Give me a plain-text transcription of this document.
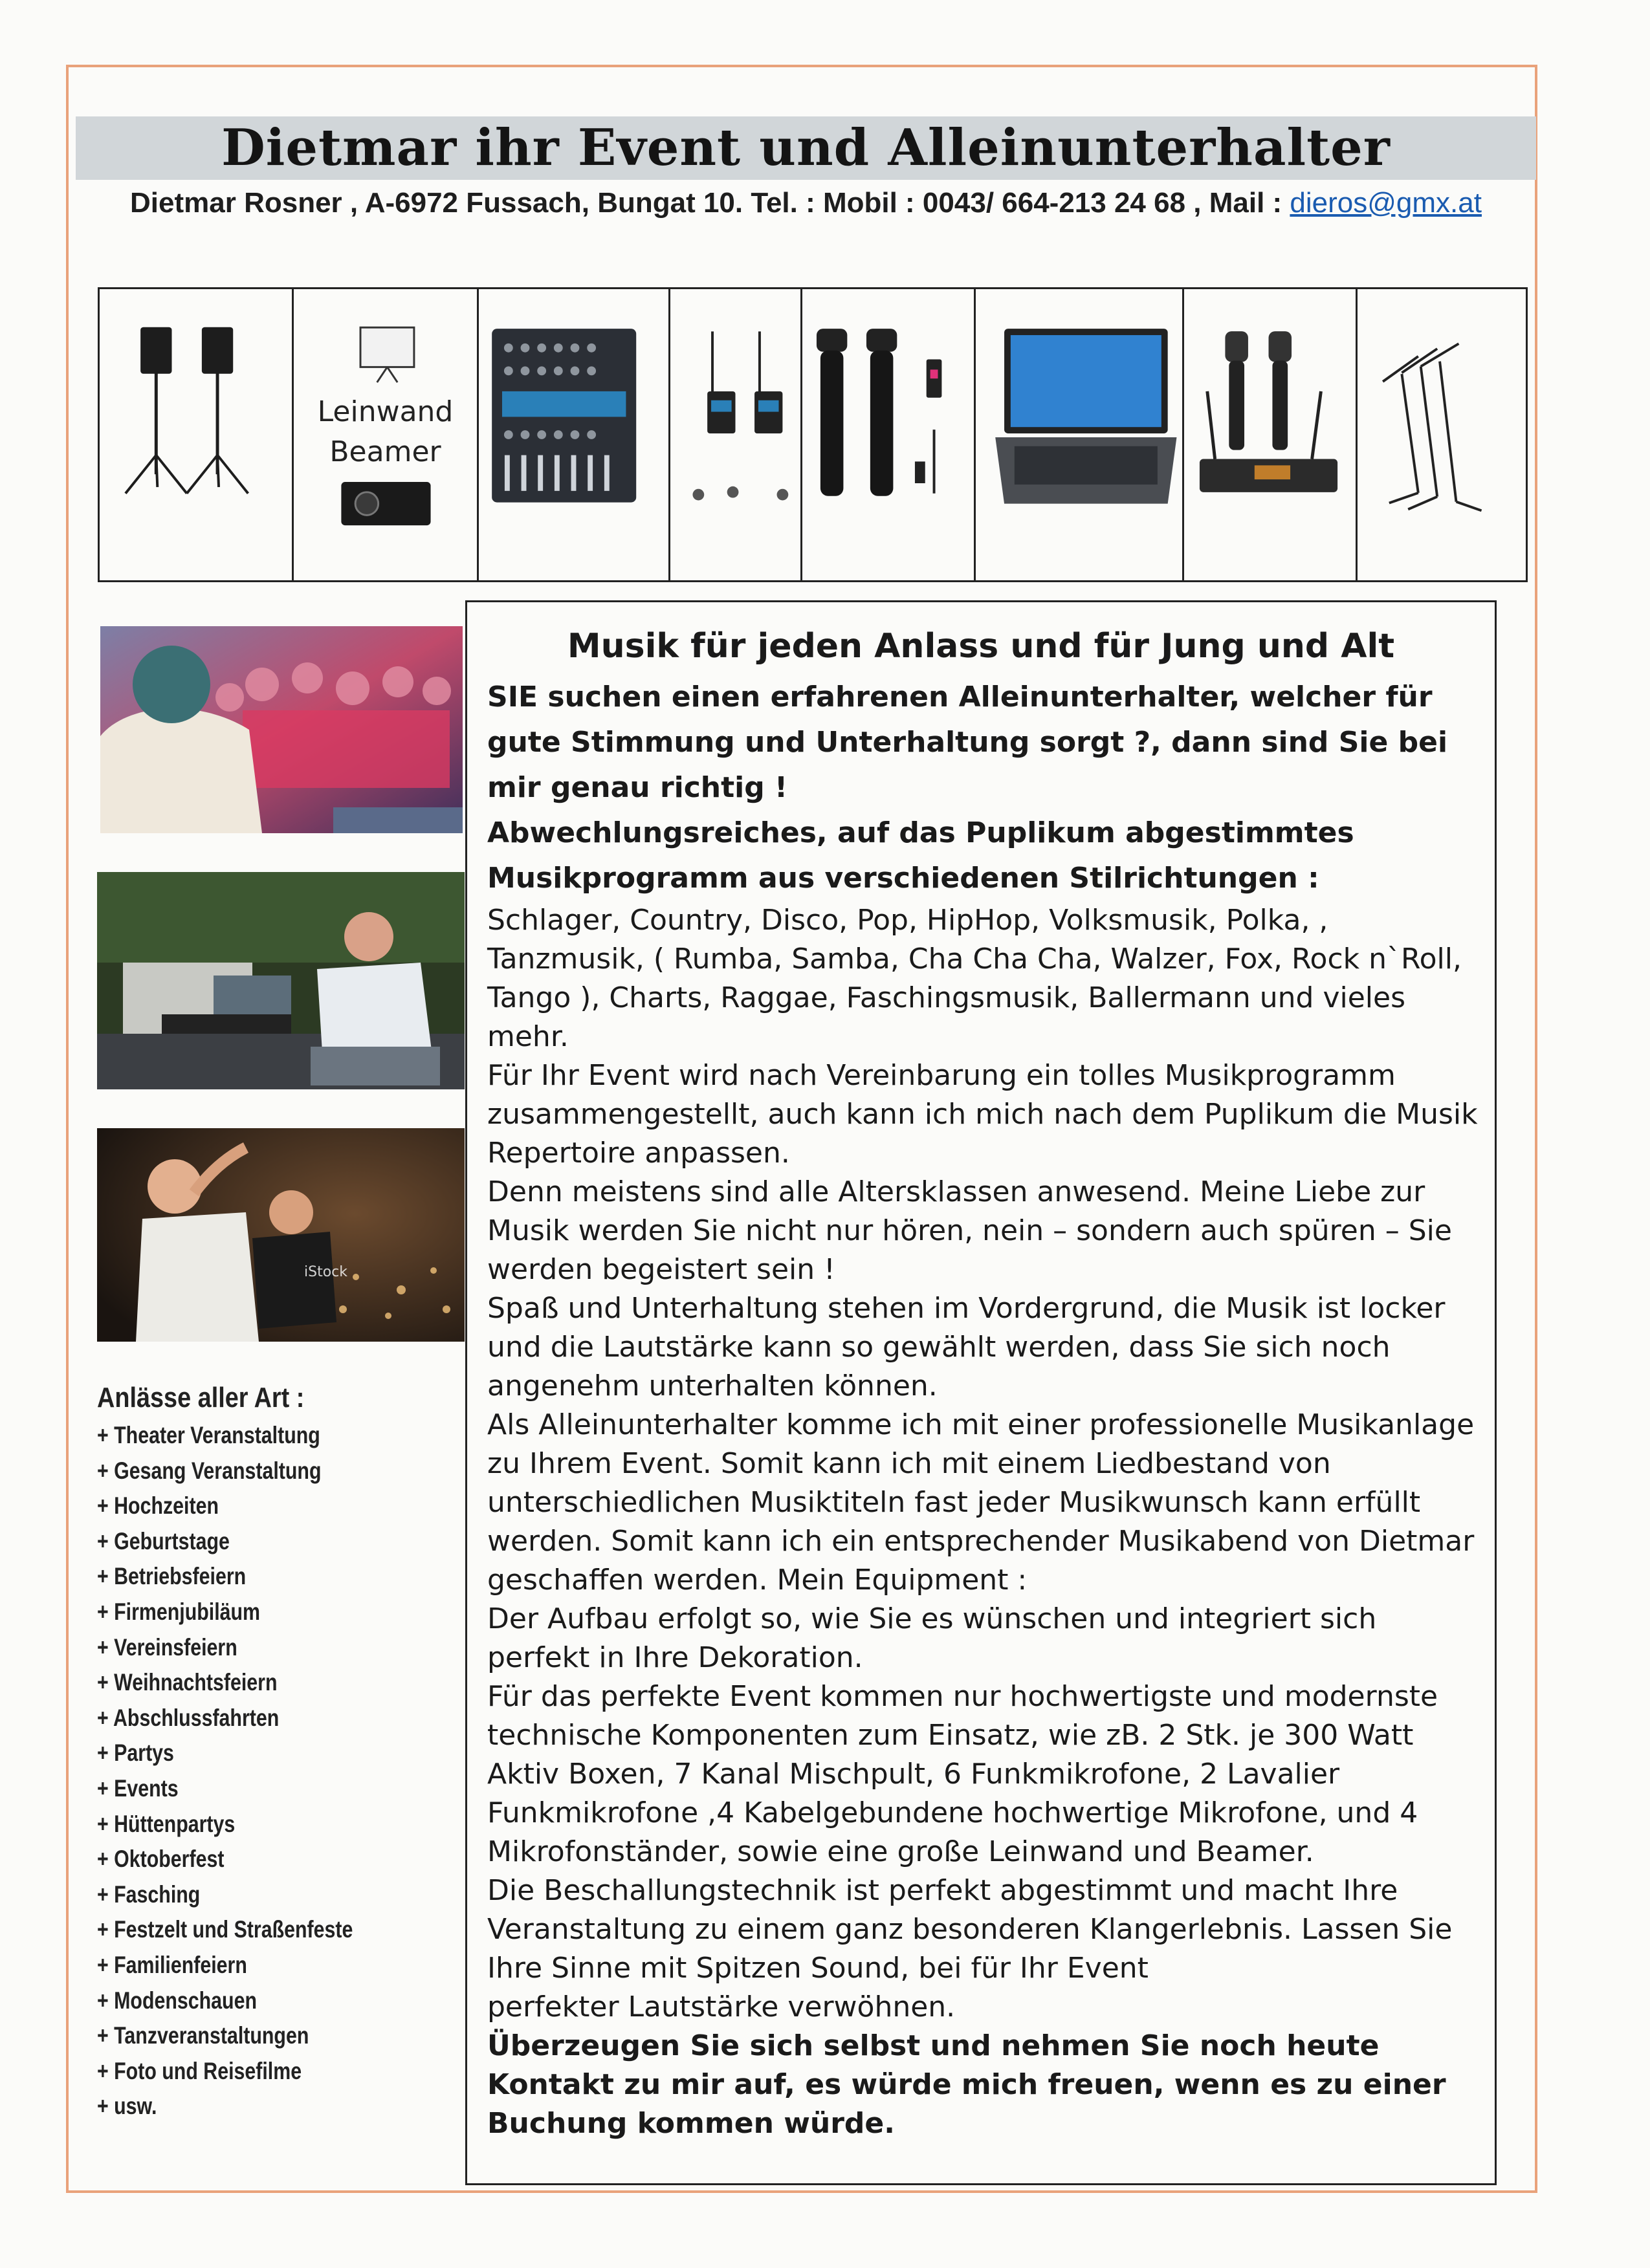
Dietmar ihr Event und Alleinunterhalter
Dietmar Rosner , A-6972 Fussach, Bungat 10. Tel. : Mobil : 0043/ 664-213 24 68 , Mail : dieros@gmx.at
Leinwand
Beamer
iStock
Anlässe aller Art :
+ Theater Veranstaltung
+ Gesang Veranstaltung
+ Hochzeiten
+ Geburtstage
+ Betriebsfeiern
+ Firmenjubiläum
+ Vereinsfeiern
+ Weihnachtsfeiern
+ Abschlussfahrten
+ Partys
+ Events
+ Hüttenpartys
+ Oktoberfest
+ Fasching
+ Festzelt und Straßenfeste
+ Familienfeiern
+ Modenschauen
+ Tanzveranstaltungen
+ Foto und Reisefilme
+ usw.
Musik für jeden Anlass und für Jung und Alt

SIE suchen einen erfahrenen Alleinunterhalter, welcher für gute Stimmung und Unterhaltung sorgt ?, dann sind Sie bei mir genau richtig !

Abwechlungsreiches, auf das Puplikum abgestimmtes Musikprogramm aus verschiedenen Stilrichtungen :

Schlager, Country, Disco, Pop, HipHop, Volksmusik, Polka, , Tanzmusik, ( Rumba, Samba, Cha Cha Cha, Walzer, Fox, Rock n`Roll, Tango ), Charts, Raggae, Faschingsmusik, Ballermann und vieles mehr.

Für Ihr Event wird nach Vereinbarung ein tolles Musikprogramm zusammengestellt, auch kann ich mich nach dem Puplikum die Musik Repertoire anpassen.

Denn meistens sind alle Altersklassen anwesend. Meine Liebe zur Musik werden Sie nicht nur hören, nein – sondern auch spüren – Sie werden begeistert sein !

Spaß und Unterhaltung stehen im Vordergrund, die Musik ist locker und die Lautstärke kann so gewählt werden, dass Sie sich noch angenehm unterhalten können.

Als Alleinunterhalter komme ich mit einer professionelle Musikanlage zu Ihrem Event. Somit kann ich mit einem Liedbestand von unterschiedlichen Musiktiteln fast jeder Musikwunsch kann erfüllt werden. Somit kann ich ein entsprechender Musikabend von Dietmar geschaffen werden. Mein Equipment :

Der Aufbau erfolgt so, wie Sie es wünschen und integriert sich perfekt in Ihre Dekoration.

Für das perfekte Event kommen nur hochwertigste und modernste technische Komponenten zum Einsatz, wie zB. 2 Stk. je 300 Watt Aktiv Boxen, 7 Kanal Mischpult, 6 Funkmikrofone, 2 Lavalier Funkmikrofone ,4 Kabelgebundene hochwertige Mikrofone, und 4 Mikrofonständer, sowie eine große Leinwand und Beamer.

Die Beschallungstechnik ist perfekt abgestimmt und macht Ihre Veranstaltung zu einem ganz besonderen Klangerlebnis. Lassen Sie Ihre Sinne mit Spitzen Sound, bei für Ihr Event

perfekter Lautstärke verwöhnen.

Überzeugen Sie sich selbst und nehmen Sie noch heute Kontakt zu mir auf, es würde mich freuen, wenn es zu einer Buchung kommen würde.
